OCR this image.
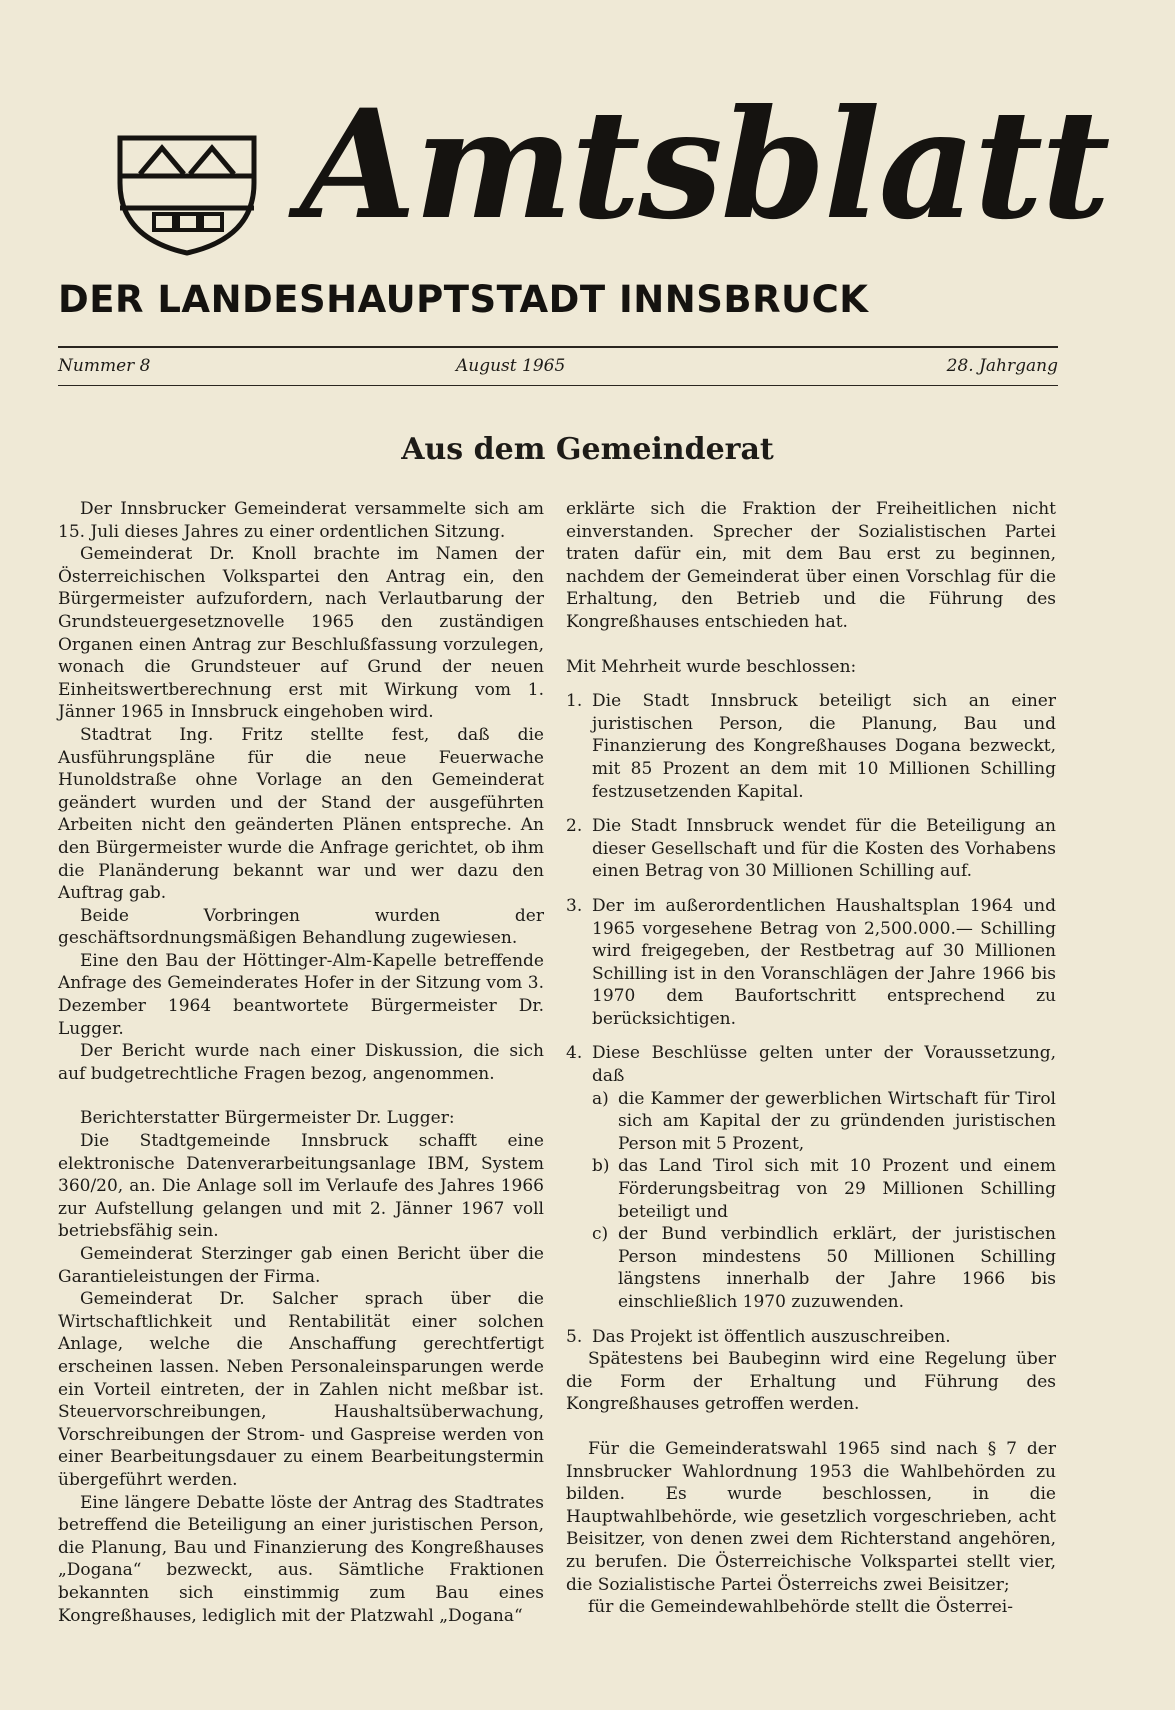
Amtsblatt
DER LANDESHAUPTSTADT INNSBRUCK
Nummer 8	August 1965	28. Jahrgang
Aus dem Gemeinderat

Der Innsbrucker Gemeinderat versammelte sich am 15. Juli dieses Jahres zu einer ordentlichen Sitzung.

Gemeinderat Dr. Knoll brachte im Namen der Österreichischen Volkspartei den Antrag ein, den Bürgermeister aufzufordern, nach Verlautbarung der Grundsteuergesetznovelle 1965 den zuständigen Organen einen Antrag zur Beschlußfassung vorzulegen, wonach die Grundsteuer auf Grund der neuen Einheitswertberechnung erst mit Wirkung vom 1. Jänner 1965 in Innsbruck eingehoben wird.

Stadtrat Ing. Fritz stellte fest, daß die Ausführungspläne für die neue Feuerwache Hunoldstraße ohne Vorlage an den Gemeinderat geändert wurden und der Stand der ausgeführten Arbeiten nicht den geänderten Plänen entspreche. An den Bürgermeister wurde die Anfrage gerichtet, ob ihm die Planänderung bekannt war und wer dazu den Auftrag gab.

Beide Vorbringen wurden der geschäftsordnungsmäßigen Behandlung zugewiesen.

Eine den Bau der Höttinger-Alm-Kapelle betreffende Anfrage des Gemeinderates Hofer in der Sitzung vom 3. Dezember 1964 beantwortete Bürgermeister Dr. Lugger.

Der Bericht wurde nach einer Diskussion, die sich auf budgetrechtliche Fragen bezog, angenommen.

Berichterstatter Bürgermeister Dr. Lugger:

Die Stadtgemeinde Innsbruck schafft eine elektronische Datenverarbeitungsanlage IBM, System 360/20, an. Die Anlage soll im Verlaufe des Jahres 1966 zur Aufstellung gelangen und mit 2. Jänner 1967 voll betriebsfähig sein.

Gemeinderat Sterzinger gab einen Bericht über die Garantieleistungen der Firma.

Gemeinderat Dr. Salcher sprach über die Wirtschaftlichkeit und Rentabilität einer solchen Anlage, welche die Anschaffung gerechtfertigt erscheinen lassen. Neben Personaleinsparungen werde ein Vorteil eintreten, der in Zahlen nicht meßbar ist. Steuervorschreibungen, Haushaltsüberwachung, Vorschreibungen der Strom- und Gaspreise werden von einer Bearbeitungsdauer zu einem Bearbeitungstermin übergeführt werden.

Eine längere Debatte löste der Antrag des Stadtrates betreffend die Beteiligung an einer juristischen Person, die Planung, Bau und Finanzierung des Kongreßhauses „Dogana“ bezweckt, aus. Sämtliche Fraktionen bekannten sich einstimmig zum Bau eines Kongreßhauses, lediglich mit der Platzwahl „Dogana“

erklärte sich die Fraktion der Freiheitlichen nicht einverstanden. Sprecher der Sozialistischen Partei traten dafür ein, mit dem Bau erst zu beginnen, nachdem der Gemeinderat über einen Vorschlag für die Erhaltung, den Betrieb und die Führung des Kongreßhauses entschieden hat.

Mit Mehrheit wurde beschlossen:

1. Die Stadt Innsbruck beteiligt sich an einer juristischen Person, die Planung, Bau und Finanzierung des Kongreßhauses Dogana bezweckt, mit 85 Prozent an dem mit 10 Millionen Schilling festzusetzenden Kapital.
2. Die Stadt Innsbruck wendet für die Beteiligung an dieser Gesellschaft und für die Kosten des Vorhabens einen Betrag von 30 Millionen Schilling auf.
3. Der im außerordentlichen Haushaltsplan 1964 und 1965 vorgesehene Betrag von 2,500.000.— Schilling wird freigegeben, der Restbetrag auf 30 Millionen Schilling ist in den Voranschlägen der Jahre 1966 bis 1970 dem Baufortschritt entsprechend zu berücksichtigen.
4. Diese Beschlüsse gelten unter der Voraussetzung, daß
a) die Kammer der gewerblichen Wirtschaft für Tirol sich am Kapital der zu gründenden juristischen Person mit 5 Prozent,
b) das Land Tirol sich mit 10 Prozent und einem Förderungsbeitrag von 29 Millionen Schilling beteiligt und
c) der Bund verbindlich erklärt, der juristischen Person mindestens 50 Millionen Schilling längstens innerhalb der Jahre 1966 bis einschließlich 1970 zuzuwenden.
5. Das Projekt ist öffentlich auszuschreiben.

Spätestens bei Baubeginn wird eine Regelung über die Form der Erhaltung und Führung des Kongreßhauses getroffen werden.

Für die Gemeinderatswahl 1965 sind nach § 7 der Innsbrucker Wahlordnung 1953 die Wahlbehörden zu bilden. Es wurde beschlossen, in die Hauptwahlbehörde, wie gesetzlich vorgeschrieben, acht Beisitzer, von denen zwei dem Richterstand angehören, zu berufen. Die Österreichische Volkspartei stellt vier, die Sozialistische Partei Österreichs zwei Beisitzer;

für die Gemeindewahlbehörde stellt die Österrei-
